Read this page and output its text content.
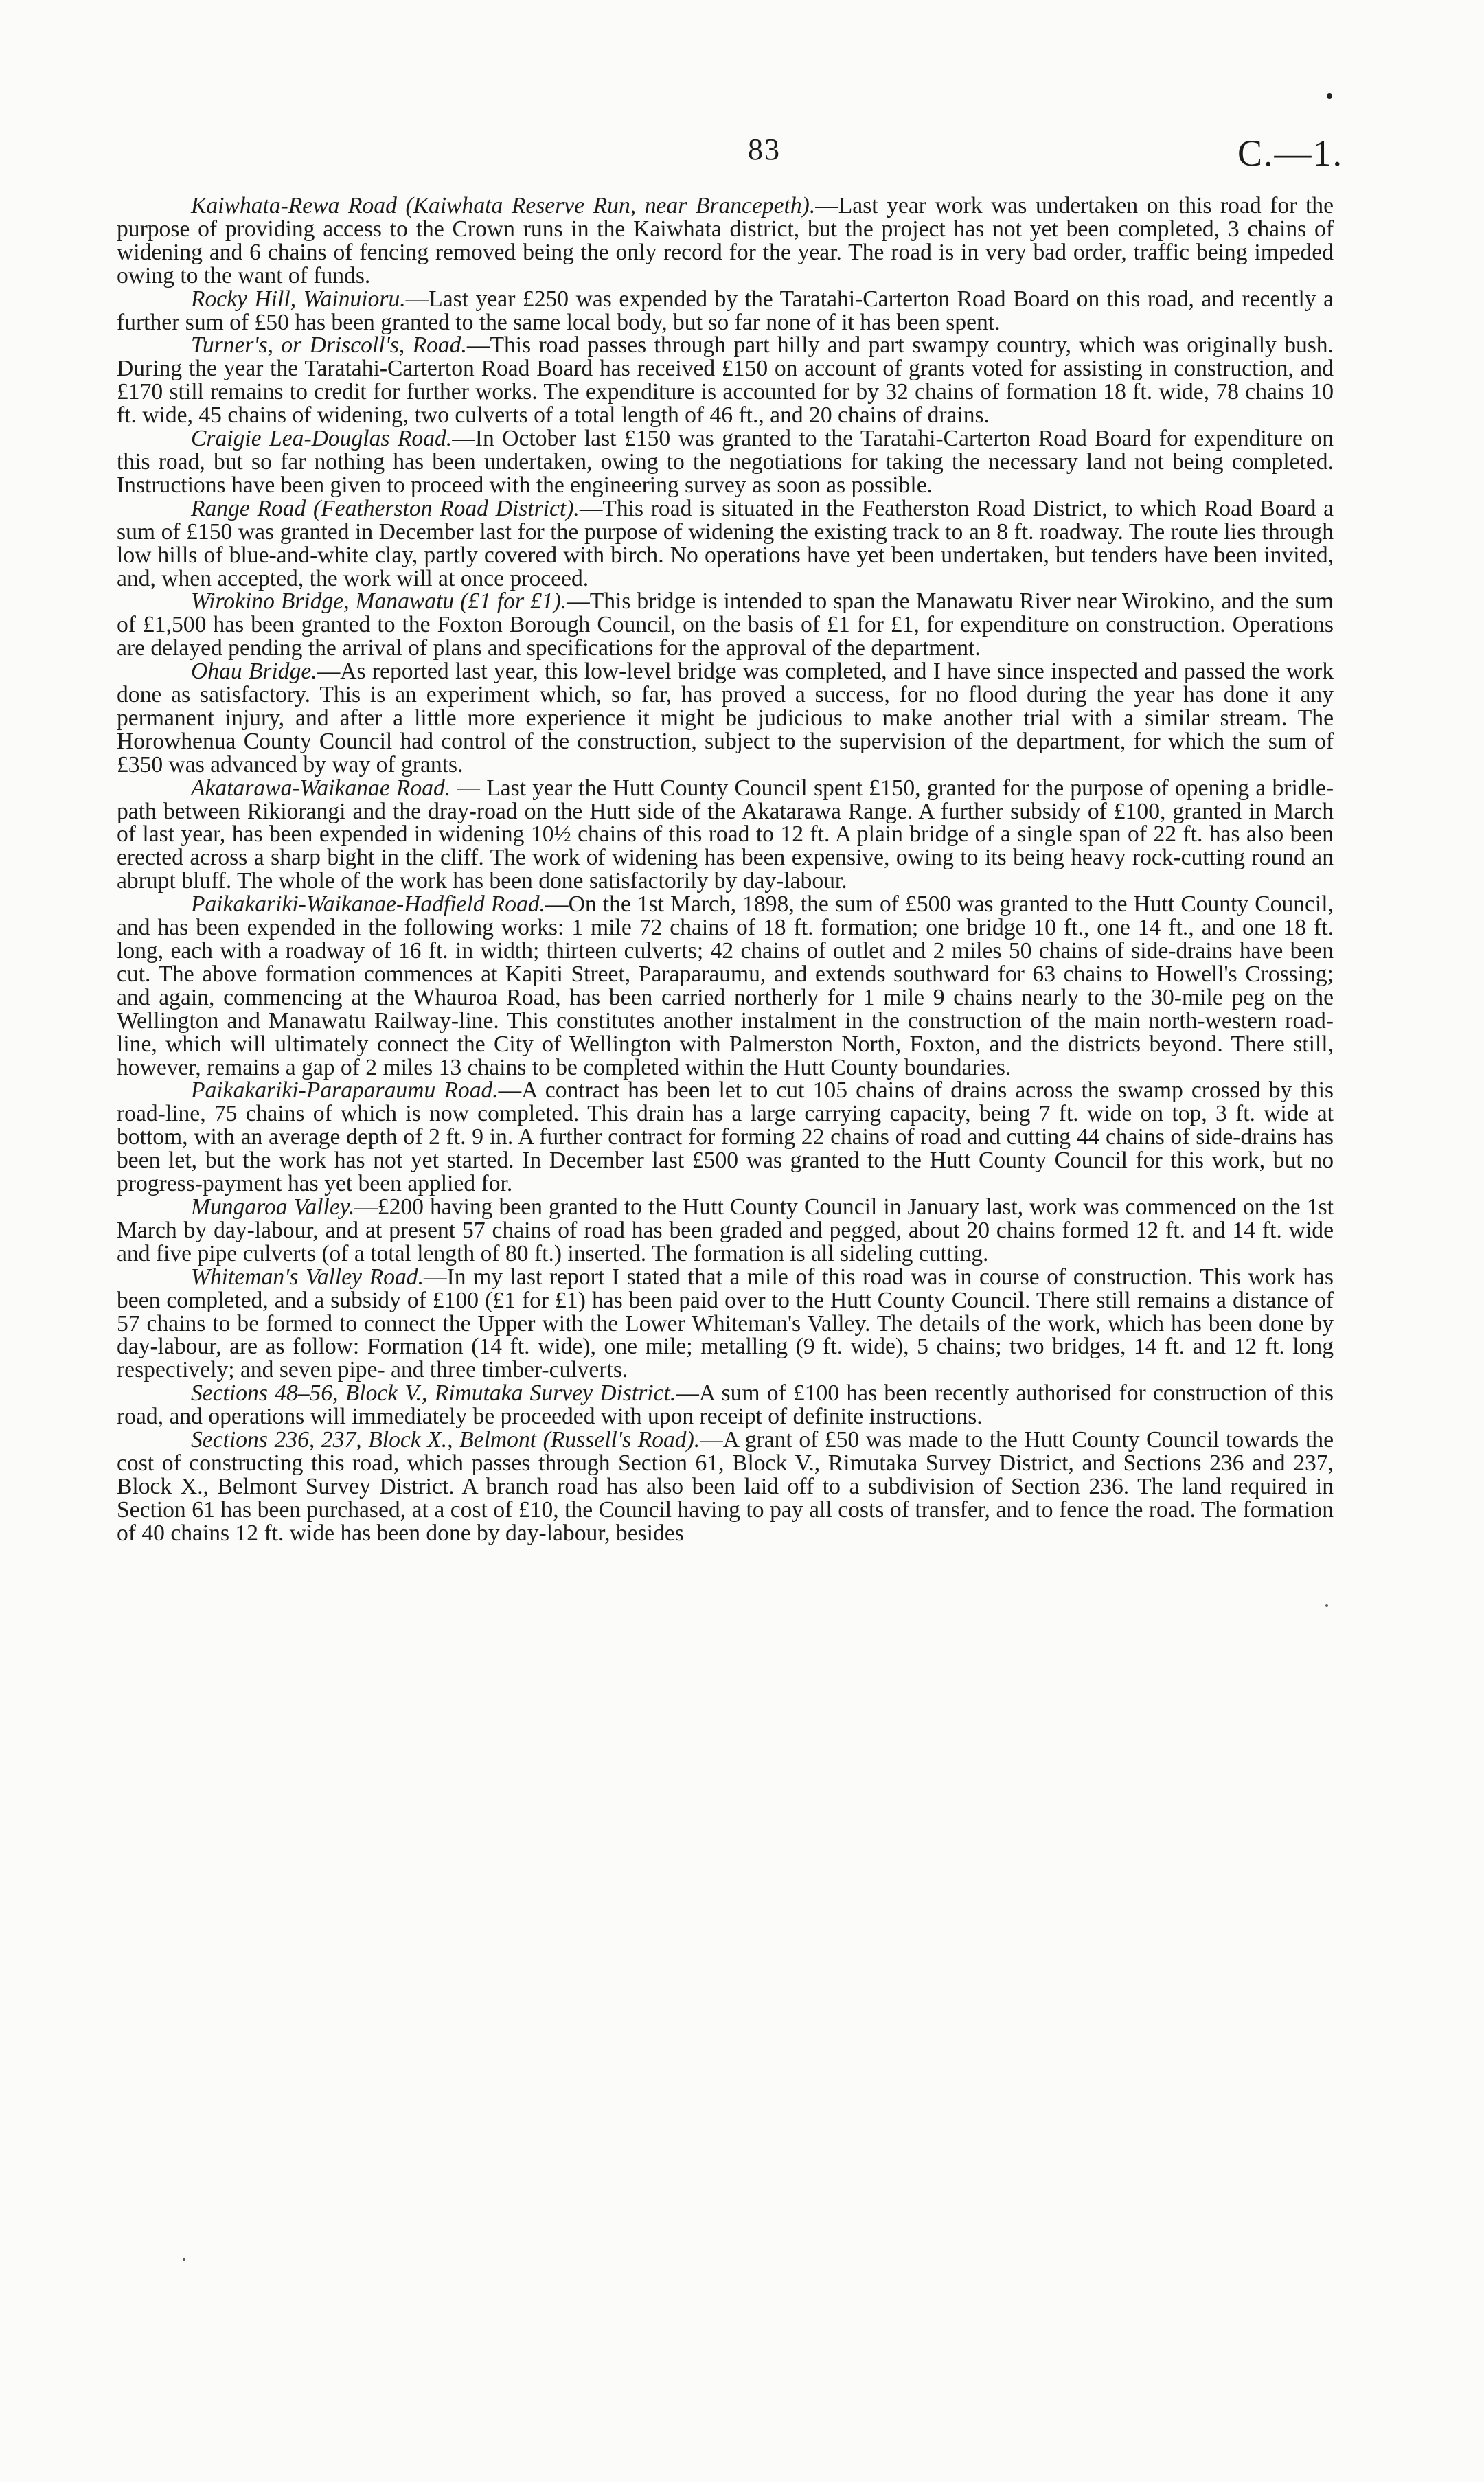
83	C.—1.

Kaiwhata-Rewa Road (Kaiwhata Reserve Run, near Brancepeth).—Last year work was undertaken on this road for the purpose of providing access to the Crown runs in the Kaiwhata district, but the project has not yet been completed, 3 chains of widening and 6 chains of fencing removed being the only record for the year. The road is in very bad order, traffic being impeded owing to the want of funds.

Rocky Hill, Wainuioru.—Last year £250 was expended by the Taratahi-Carterton Road Board on this road, and recently a further sum of £50 has been granted to the same local body, but so far none of it has been spent.

Turner's, or Driscoll's, Road.—This road passes through part hilly and part swampy country, which was originally bush. During the year the Taratahi-Carterton Road Board has received £150 on account of grants voted for assisting in construction, and £170 still remains to credit for further works. The expenditure is accounted for by 32 chains of formation 18 ft. wide, 78 chains 10 ft. wide, 45 chains of widening, two culverts of a total length of 46 ft., and 20 chains of drains.

Craigie Lea-Douglas Road.—In October last £150 was granted to the Taratahi-Carterton Road Board for expenditure on this road, but so far nothing has been undertaken, owing to the negotiations for taking the necessary land not being completed. Instructions have been given to proceed with the engineering survey as soon as possible.

Range Road (Featherston Road District).—This road is situated in the Featherston Road District, to which Road Board a sum of £150 was granted in December last for the purpose of widening the existing track to an 8 ft. roadway. The route lies through low hills of blue-and-white clay, partly covered with birch. No operations have yet been undertaken, but tenders have been invited, and, when accepted, the work will at once proceed.

Wirokino Bridge, Manawatu (£1 for £1).—This bridge is intended to span the Manawatu River near Wirokino, and the sum of £1,500 has been granted to the Foxton Borough Council, on the basis of £1 for £1, for expenditure on construction. Operations are delayed pending the arrival of plans and specifications for the approval of the department.

Ohau Bridge.—As reported last year, this low-level bridge was completed, and I have since inspected and passed the work done as satisfactory. This is an experiment which, so far, has proved a success, for no flood during the year has done it any permanent injury, and after a little more experience it might be judicious to make another trial with a similar stream. The Horowhenua County Council had control of the construction, subject to the supervision of the department, for which the sum of £350 was advanced by way of grants.

Akatarawa-Waikanae Road. — Last year the Hutt County Council spent £150, granted for the purpose of opening a bridle-path between Rikiorangi and the dray-road on the Hutt side of the Akatarawa Range. A further subsidy of £100, granted in March of last year, has been expended in widening 10½ chains of this road to 12 ft. A plain bridge of a single span of 22 ft. has also been erected across a sharp bight in the cliff. The work of widening has been expensive, owing to its being heavy rock-cutting round an abrupt bluff. The whole of the work has been done satisfactorily by day-labour.

Paikakariki-Waikanae-Hadfield Road.—On the 1st March, 1898, the sum of £500 was granted to the Hutt County Council, and has been expended in the following works: 1 mile 72 chains of 18 ft. formation; one bridge 10 ft., one 14 ft., and one 18 ft. long, each with a roadway of 16 ft. in width; thirteen culverts; 42 chains of outlet and 2 miles 50 chains of side-drains have been cut. The above formation commences at Kapiti Street, Paraparaumu, and extends southward for 63 chains to Howell's Crossing; and again, commencing at the Whauroa Road, has been carried northerly for 1 mile 9 chains nearly to the 30-mile peg on the Wellington and Manawatu Railway-line. This constitutes another instalment in the construction of the main north-western road-line, which will ultimately connect the City of Wellington with Palmerston North, Foxton, and the districts beyond. There still, however, remains a gap of 2 miles 13 chains to be completed within the Hutt County boundaries.

Paikakariki-Paraparaumu Road.—A contract has been let to cut 105 chains of drains across the swamp crossed by this road-line, 75 chains of which is now completed. This drain has a large carrying capacity, being 7 ft. wide on top, 3 ft. wide at bottom, with an average depth of 2 ft. 9 in. A further contract for forming 22 chains of road and cutting 44 chains of side-drains has been let, but the work has not yet started. In December last £500 was granted to the Hutt County Council for this work, but no progress-payment has yet been applied for.

Mungaroa Valley.—£200 having been granted to the Hutt County Council in January last, work was commenced on the 1st March by day-labour, and at present 57 chains of road has been graded and pegged, about 20 chains formed 12 ft. and 14 ft. wide and five pipe culverts (of a total length of 80 ft.) inserted. The formation is all sideling cutting.

Whiteman's Valley Road.—In my last report I stated that a mile of this road was in course of construction. This work has been completed, and a subsidy of £100 (£1 for £1) has been paid over to the Hutt County Council. There still remains a distance of 57 chains to be formed to connect the Upper with the Lower Whiteman's Valley. The details of the work, which has been done by day-labour, are as follow: Formation (14 ft. wide), one mile; metalling (9 ft. wide), 5 chains; two bridges, 14 ft. and 12 ft. long respectively; and seven pipe- and three timber-culverts.

Sections 48–56, Block V., Rimutaka Survey District.—A sum of £100 has been recently authorised for construction of this road, and operations will immediately be proceeded with upon receipt of definite instructions.

Sections 236, 237, Block X., Belmont (Russell's Road).—A grant of £50 was made to the Hutt County Council towards the cost of constructing this road, which passes through Section 61, Block V., Rimutaka Survey District, and Sections 236 and 237, Block X., Belmont Survey District. A branch road has also been laid off to a subdivision of Section 236. The land required in Section 61 has been purchased, at a cost of £10, the Council having to pay all costs of transfer, and to fence the road. The formation of 40 chains 12 ft. wide has been done by day-labour, besides
